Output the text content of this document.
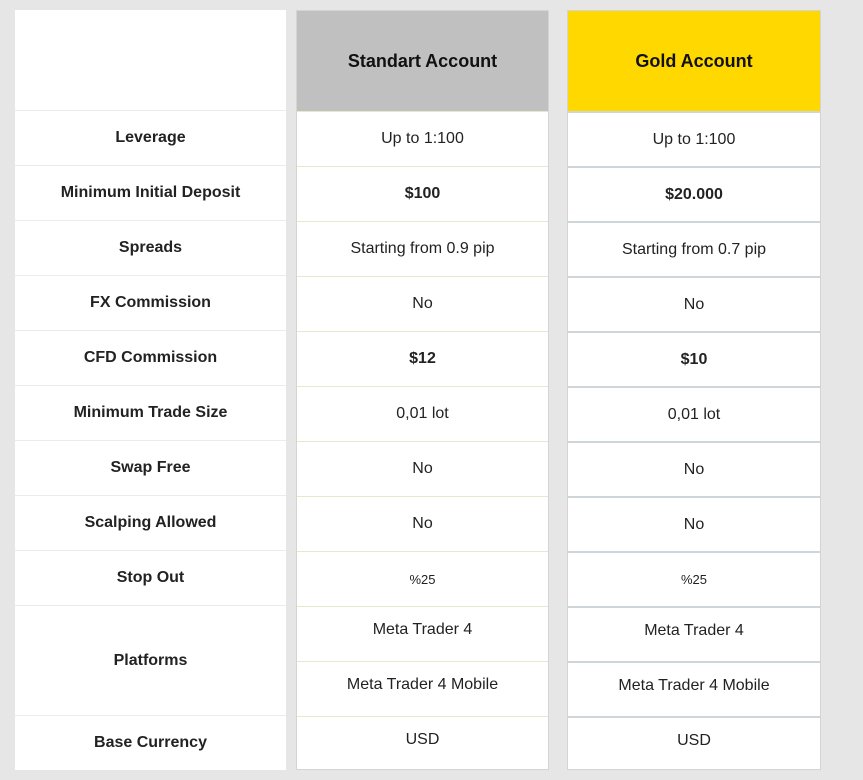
Leverage
Minimum Initial Deposit
Spreads
FX Commission
CFD Commission
Minimum Trade Size
Swap Free
Scalping Allowed
Stop Out
Platforms
Base Currency
Standart Account
Up to 1:100
$100
Starting from 0.9 pip
No
$12
0,01 lot
No
No
%25
Meta Trader 4
Meta Trader 4 Mobile
USD
Gold Account
Up to 1:100
$20.000
Starting from 0.7 pip
No
$10
0,01 lot
No
No
%25
Meta Trader 4
Meta Trader 4 Mobile
USD
